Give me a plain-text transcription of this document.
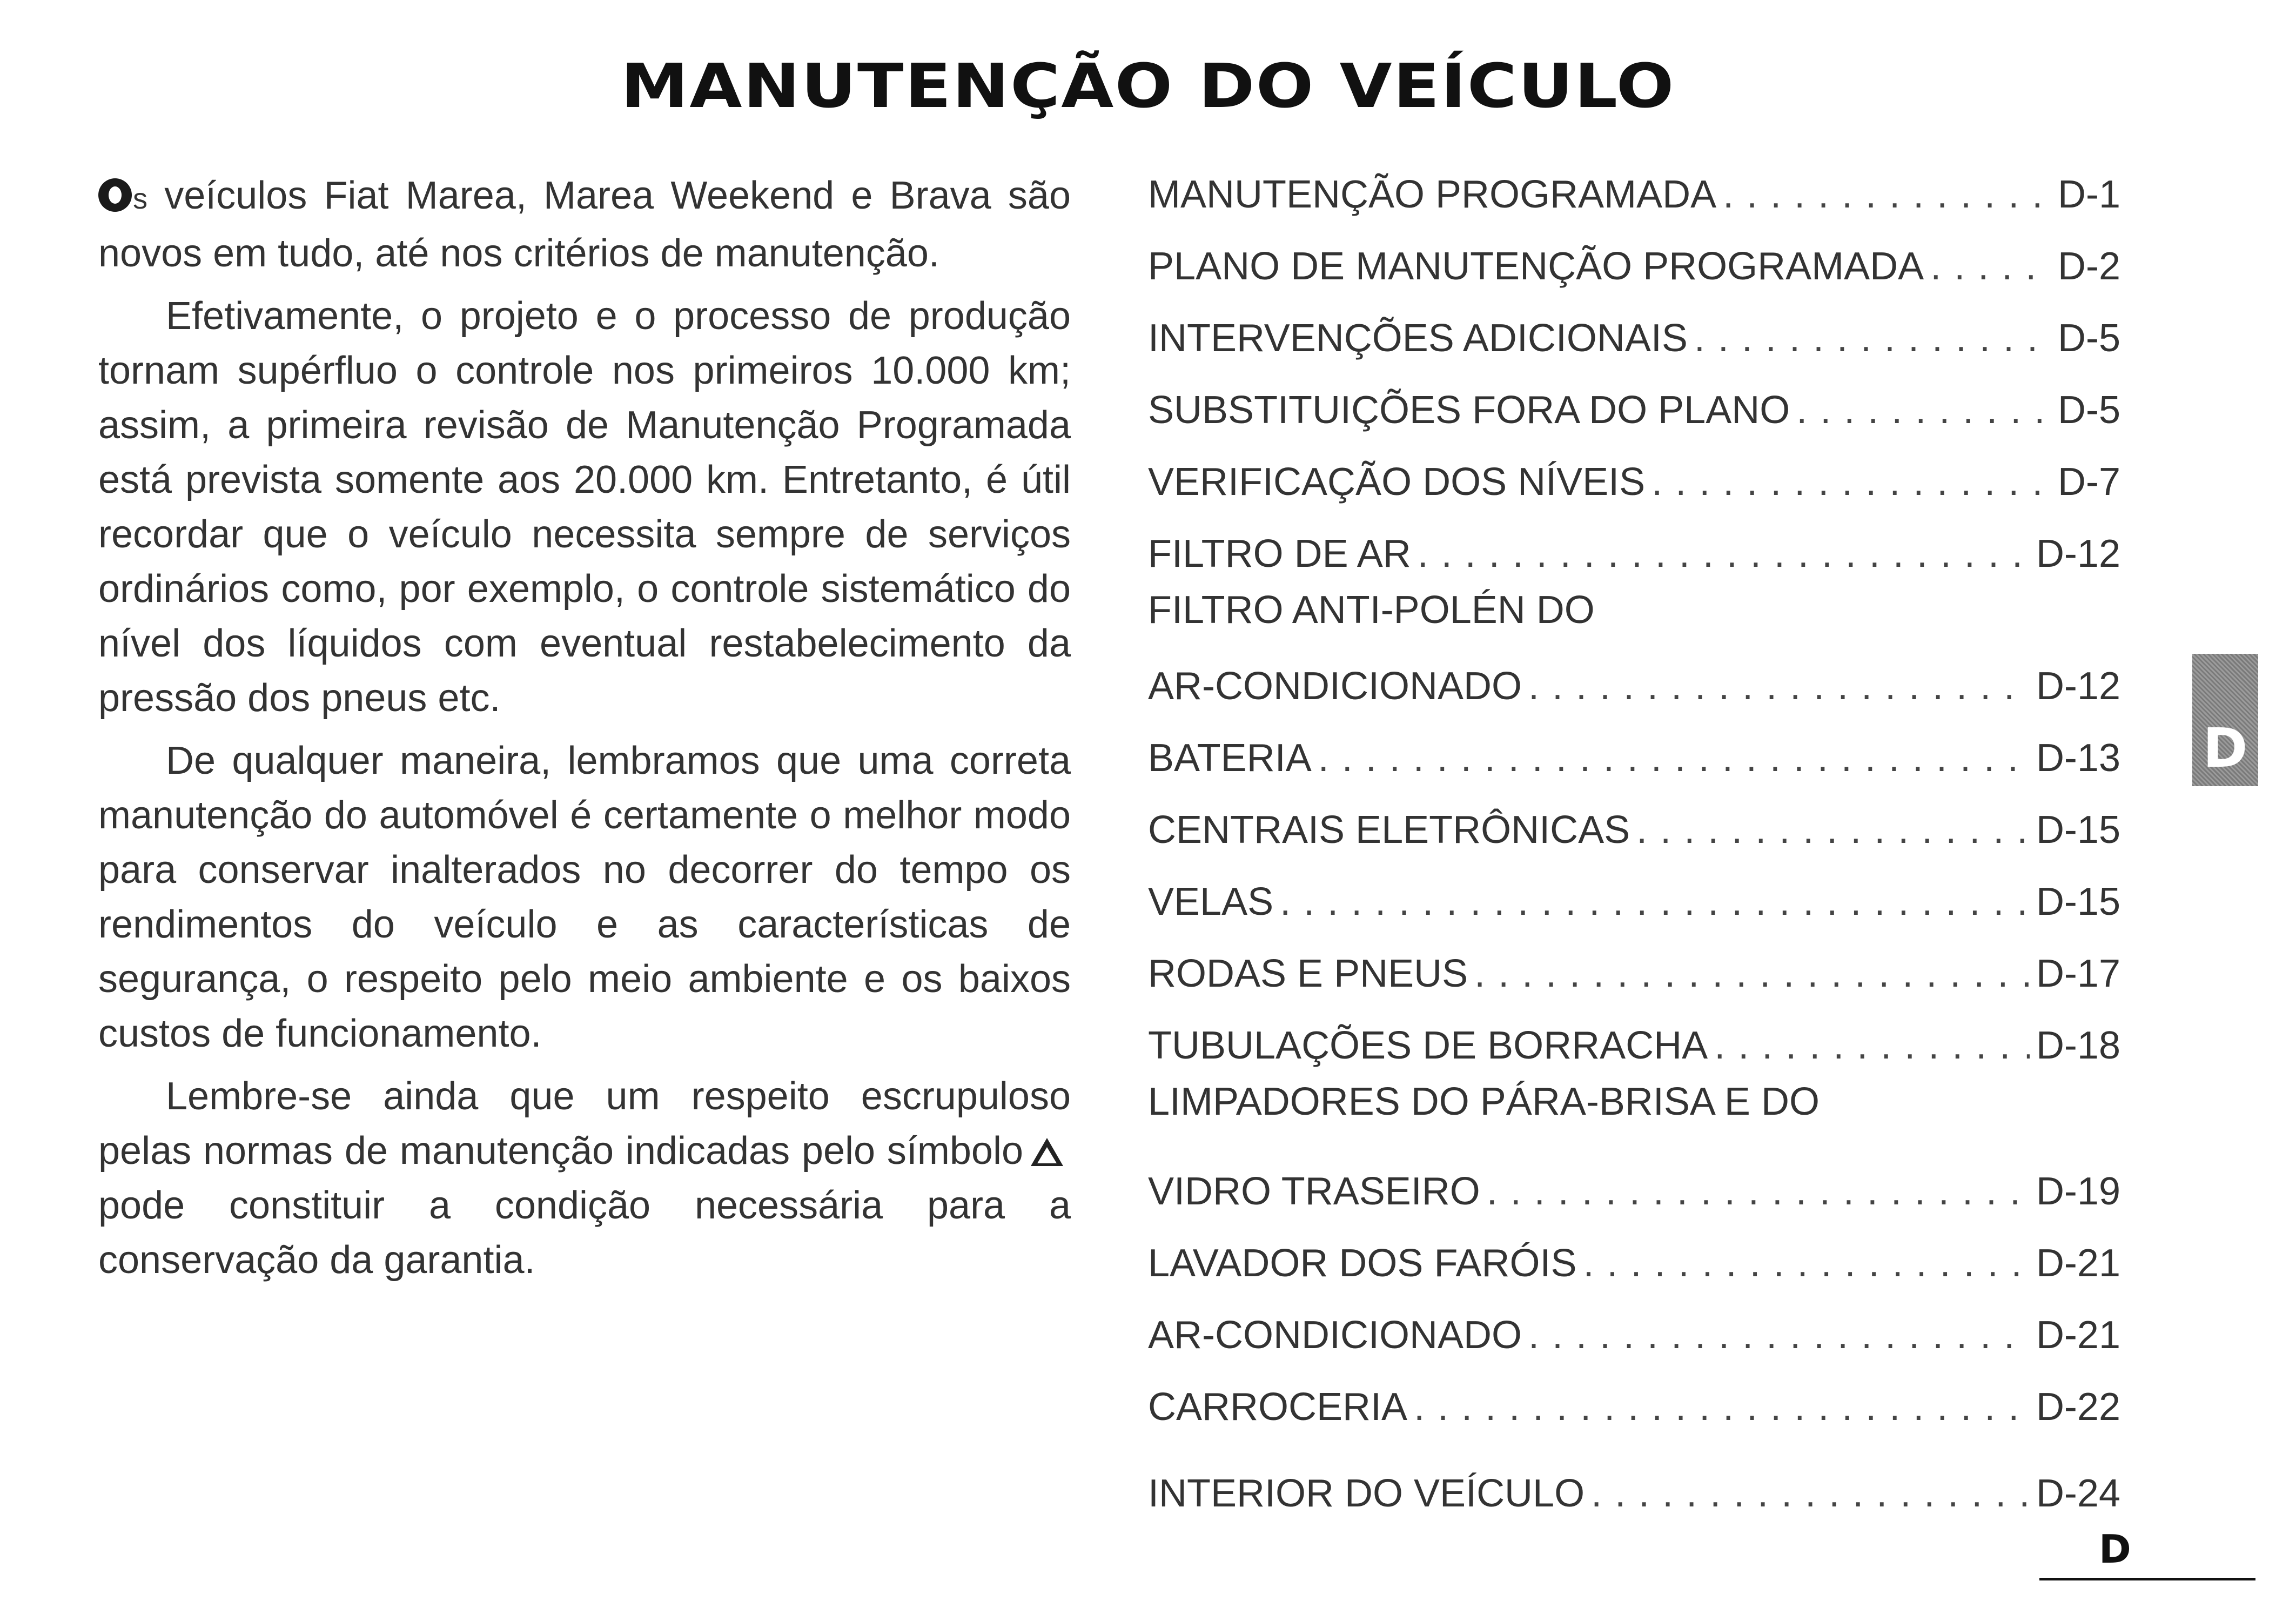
MANUTENÇÃO DO VEÍCULO

s veículos Fiat Marea, Marea Weekend e Brava são novos em tudo, até nos critérios de manutenção.

Efetivamente, o projeto e o processo de produção tornam supérfluo o controle nos primeiros 10.000 km; assim, a primeira revisão de Manutenção Programada está prevista somente aos 20.000 km. Entretanto, é útil recordar que o veículo necessita sempre de serviços ordinários como, por exemplo, o controle sistemático do nível dos líquidos com eventual restabelecimento da pressão dos pneus etc.

De qualquer maneira, lembramos que uma correta manutenção do automóvel é certamente o melhor modo para conservar inalterados no decorrer do tempo os rendimentos do veículo e as características de segurança, o respeito pelo meio ambiente e os baixos custos de funcionamento.

Lembre-se ainda que um respeito escrupuloso pelas normas de manutenção indicadas pelo símbolopode constituir a condição necessária para a conservação da garantia.

MANUTENÇÃO PROGRAMADA . . .	D-1
PLANO DE MANUTENÇÃO PROGRAMADA . . .	D-2
INTERVENÇÕES ADICIONAIS . . .	D-5
SUBSTITUIÇÕES FORA DO PLANO . . .	D-5
VERIFICAÇÃO DOS NÍVEIS . . .	D-7
FILTRO DE AR . . .	D-12
FILTRO ANTI-POLÉN DO
AR-CONDICIONADO . . .	D-12
BATERIA . . .	D-13
CENTRAIS ELETRÔNICAS . . .	D-15
VELAS . . .	D-15
RODAS E PNEUS . . .	D-17
TUBULAÇÕES DE BORRACHA . . .	D-18
LIMPADORES DO PÁRA-BRISA E DO
VIDRO TRASEIRO . . .	D-19
LAVADOR DOS FARÓIS . . .	D-21
AR-CONDICIONADO . . .	D-21
CARROCERIA . . .	D-22
INTERIOR DO VEÍCULO . . .	D-24
D
D
